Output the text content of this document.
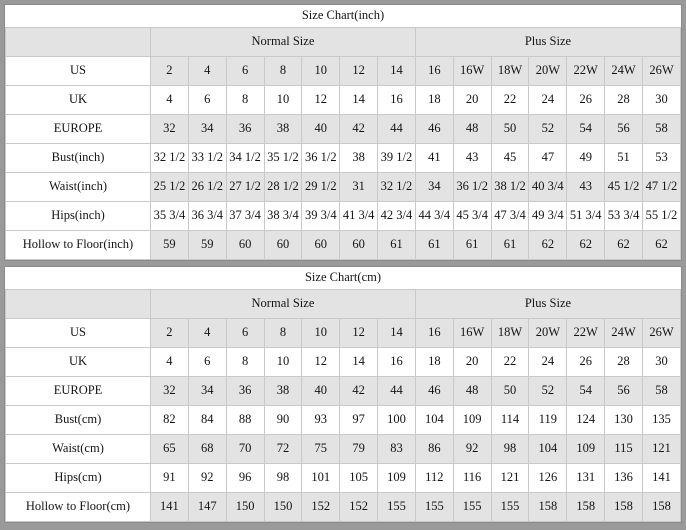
Size Chart(inch)														
	Normal Size							Plus Size						
US	2	4	6	8	10	12	14	16	16W	18W	20W	22W	24W	26W
UK	4	6	8	10	12	14	16	18	20	22	24	26	28	30
EUROPE	32	34	36	38	40	42	44	46	48	50	52	54	56	58
Bust(inch)	32 1/2	33 1/2	34 1/2	35 1/2	36 1/2	38	39 1/2	41	43	45	47	49	51	53
Waist(inch)	25 1/2	26 1/2	27 1/2	28 1/2	29 1/2	31	32 1/2	34	36 1/2	38 1/2	40 3/4	43	45 1/2	47 1/2
Hips(inch)	35 3/4	36 3/4	37 3/4	38 3/4	39 3/4	41 3/4	42 3/4	44 3/4	45 3/4	47 3/4	49 3/4	51 3/4	53 3/4	55 1/2
Hollow to Floor(inch)	59	59	60	60	60	60	61	61	61	61	62	62	62	62
Size Chart(cm)														
	Normal Size							Plus Size						
US	2	4	6	8	10	12	14	16	16W	18W	20W	22W	24W	26W
UK	4	6	8	10	12	14	16	18	20	22	24	26	28	30
EUROPE	32	34	36	38	40	42	44	46	48	50	52	54	56	58
Bust(cm)	82	84	88	90	93	97	100	104	109	114	119	124	130	135
Waist(cm)	65	68	70	72	75	79	83	86	92	98	104	109	115	121
Hips(cm)	91	92	96	98	101	105	109	112	116	121	126	131	136	141
Hollow to Floor(cm)	141	147	150	150	152	152	155	155	155	155	158	158	158	158
